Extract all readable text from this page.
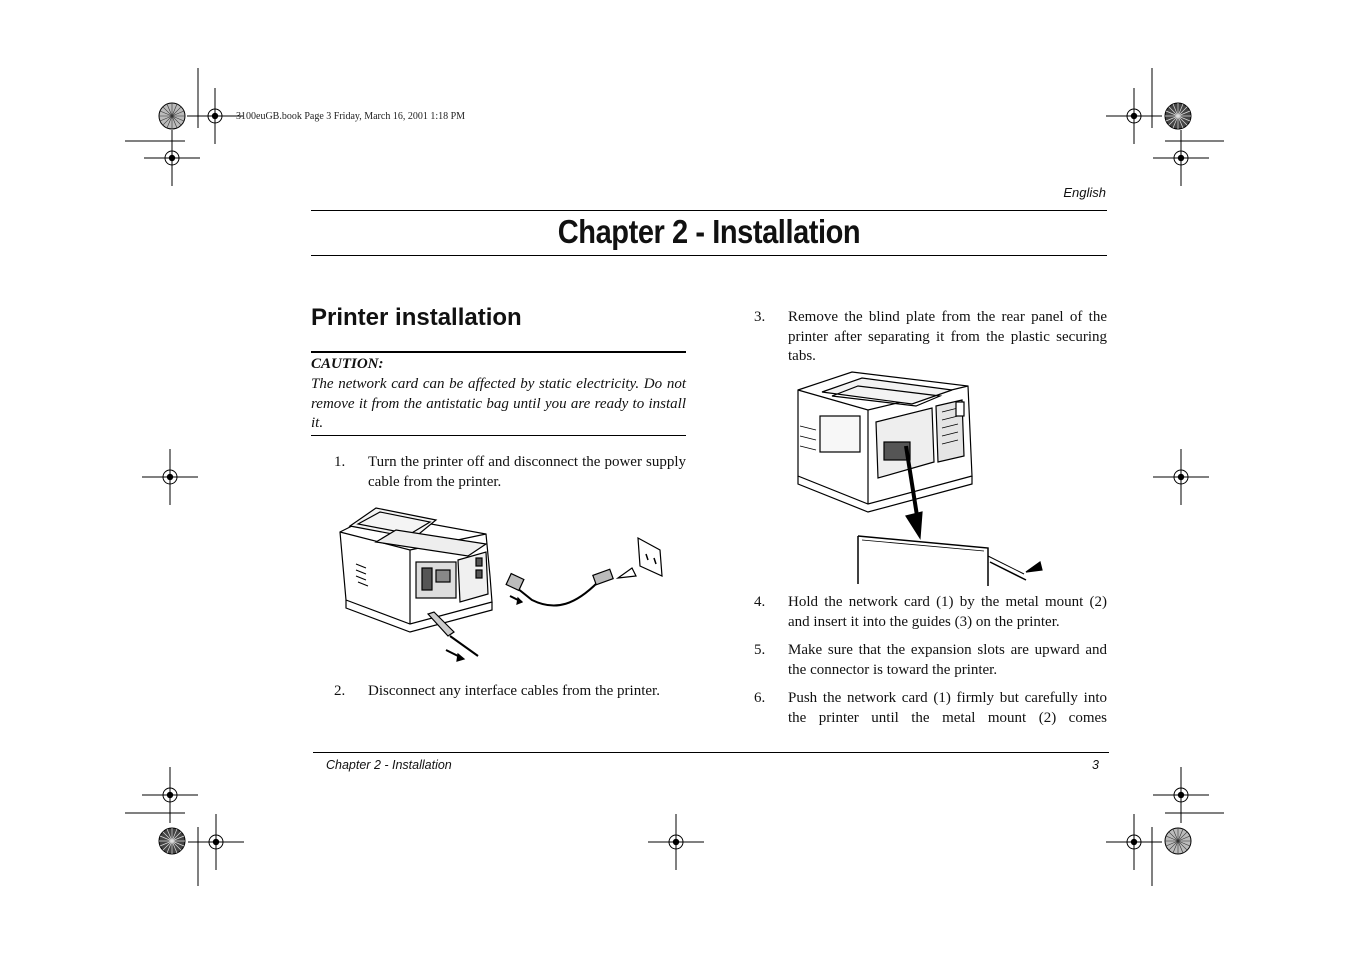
3100euGB.book Page 3 Friday, March 16, 2001 1:18 PM
English
Chapter 2 - Installation
Printer installation
CAUTION:
The network card can be affected by static electricity. Do not remove it from the antistatic bag until you are ready to install it.
1. Turn the printer off and disconnect the power supply cable from the printer.
2. Disconnect any interface cables from the printer.
3. Remove the blind plate from the rear panel of the printer after separating it from the plastic securing tabs.
4. Hold the network card (1) by the metal mount (2) and insert it into the guides (3) on the printer.
5. Make sure that the expansion slots are upward and the connector is toward the printer.
6. Push the network card (1) firmly but carefully into the printer until the metal mount (2) comes
Chapter 2 - Installation	3
